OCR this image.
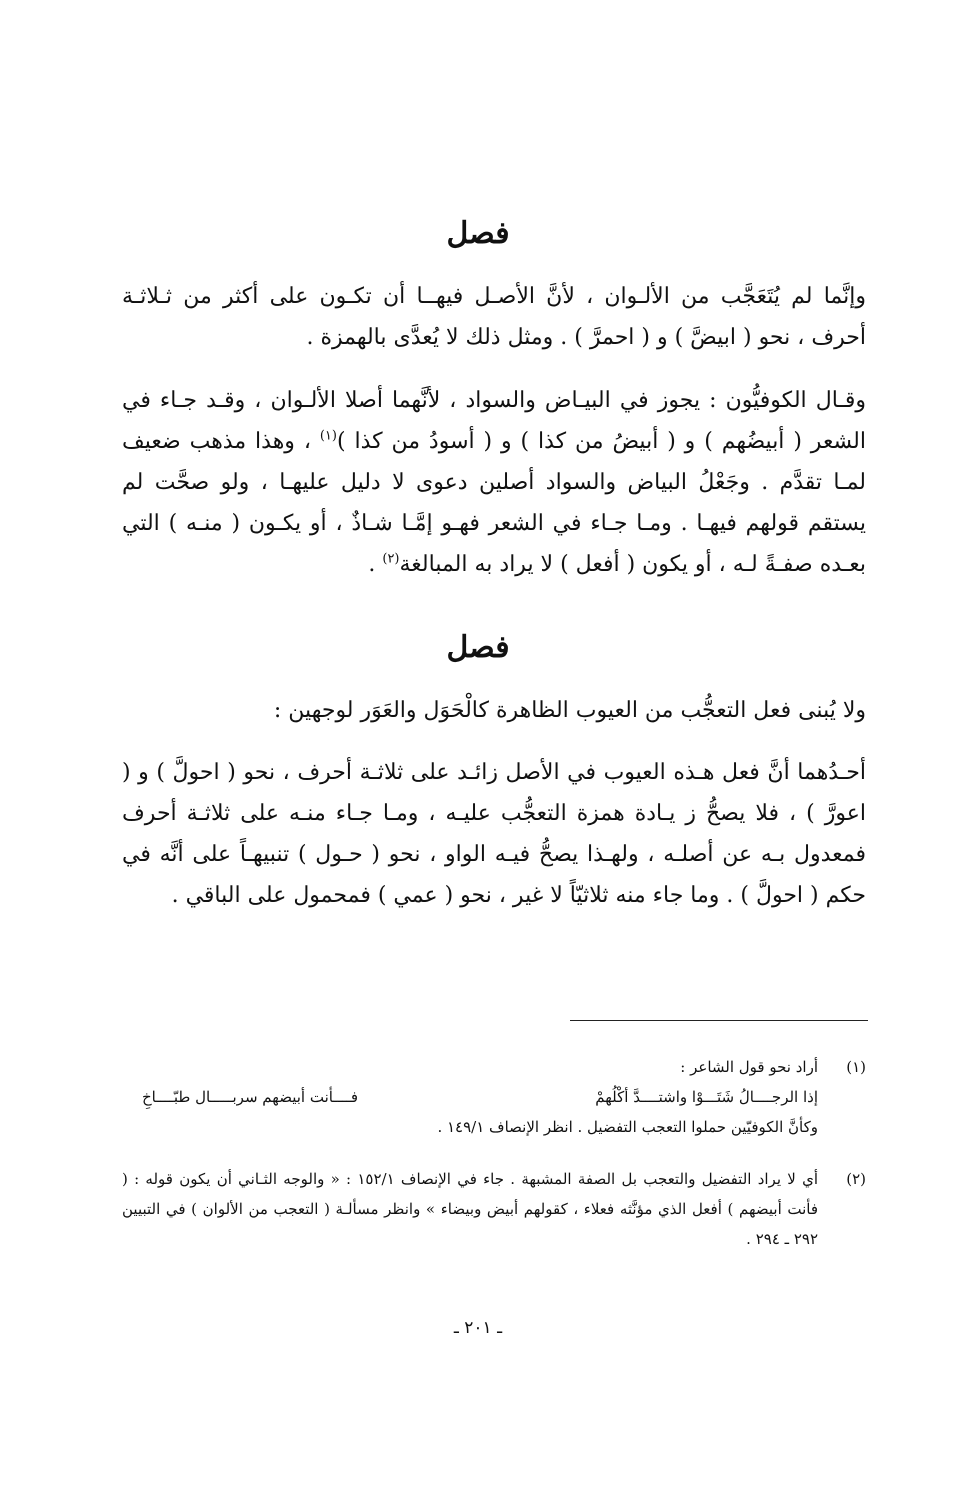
فصل

وإنَّما لم يُتَعَجَّب من الألـوان ، لأنَّ الأصـل فيهــا أن تكـون على أكثر من ثـلاثـة أحرف ، نحو ( ابيضَّ ) و ( احمرَّ ) . ومثل ذلك لا يُعدَّى بالهمزة .

وقـال الكوفيُّون : يجوز في البيـاض والسواد ، لأنَّهما أصلا الألـوان ، وقـد جـاء في الشعر ( أبيضُهم ) و ( أبيضُ من كذا ) و ( أسودُ من كذا )$^{(١)}$ ، وهذا مذهب ضعيف لمـا تقدَّم . وجَعْلُ البياض والسواد أصلين دعوى لا دليل عليهـا ، ولو صحَّت لم يستقم قولهم فيهـا . ومـا جـاء في الشعر فهـو إمَّـا شـاذٌ ، أو يكـون ( منـه ) التي بعـده صفـةً لـه ، أو يكون ( أفعل ) لا يراد به المبالغة$^{(٢)}$ .

فصل

ولا يُبنى فعل التعجُّب من العيوب الظاهرة كالْحَوَل والعَوَر لوجهين :

أحـدُهما أنَّ فعل هـذه العيوب في الأصل زائـد على ثلاثـة أحرف ، نحو ( احولَّ ) و ( اعورَّ ) ، فلا يصحُّ ز يـادة همزة التعجُّب عليـه ، ومـا جـاء منـه على ثلاثـة أحرف فمعدول بـه عن أصلـه ، ولهـذا يصحُّ فيـه الواو ، نحو ( حـول ) تنبيهـاً على أنَّه في حكم ( احولَّ ) . وما جاء منه ثلاثيّاً لا غير ، نحو ( عمي ) فمحمول على الباقي .

(١)
أراد نحو قول الشاعر :
إذا الرجــــالُ شَتَـــوْا واشتــــدَّ أكْلُهمْ
فــــأنت أبيضهم سربـــــال طبّــــاخِ
وكأنَّ الكوفيّين حملوا التعجب التفضيل . انظر الإنصاف ١٤٩/١ .
(٢)
أي لا يراد التفضيل والتعجب بل الصفة المشبهة . جاء في الإنصاف ١٥٢/١ : « والوجه الثـاني أن يكون قوله : ( فأنت أبيضهم ) أفعل الذي مؤنَّثه فعلاء ، كقولهم أبيض وبيضاء » وانظر مسألـة ( التعجب من الألوان ) في التبيين ٢٩٢ ـ ٢٩٤ .
ـ ٢٠١ ـ
